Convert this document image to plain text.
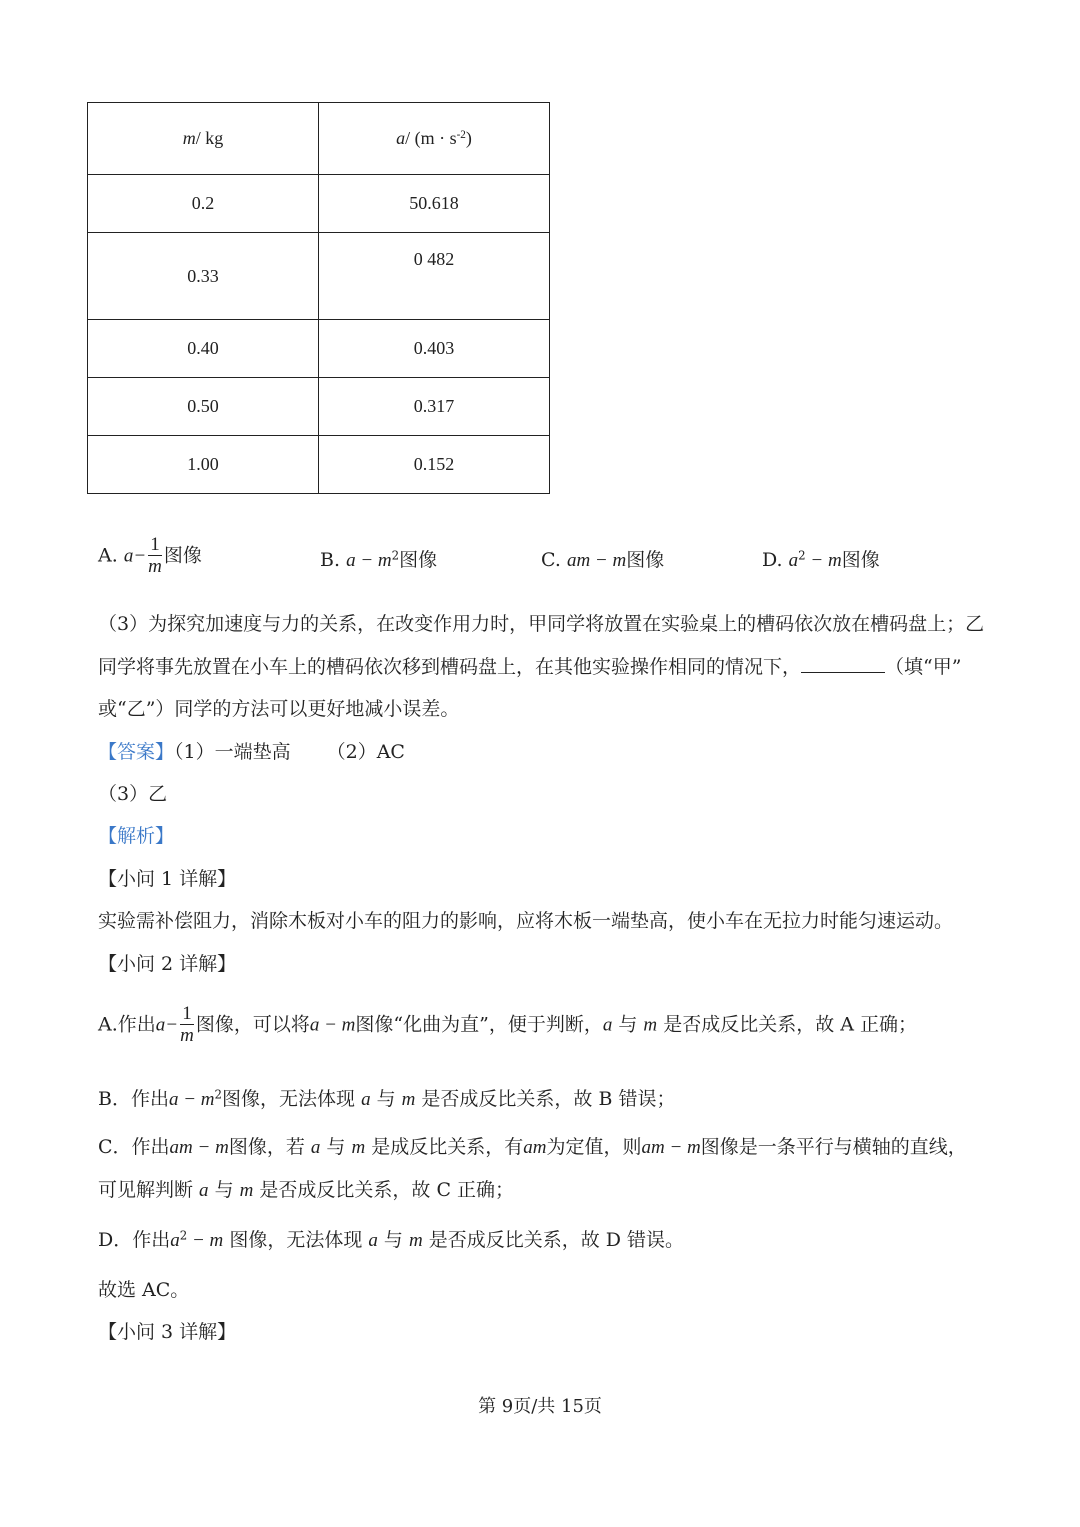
m/ kg	a/ $(m \cdot s^{-2})$
0.2	50.618
0.33	0 482
0.40	0.403
0.50	0.317
1.00	0.152
A. $a- \frac{1}{m}$ 图像	B. $a - m^2$图像	C. am − m图像	D. $a^2 - m$图像
（3）为探究加速度与力的关系，在改变作用力时，甲同学将放置在实验桌上的槽码依次放在槽码盘上；乙
同学将事先放置在小车上的槽码依次移到槽码盘上，在其他实验操作相同的情况下，	（填“甲”
或“乙”）同学的方法可以更好地减小误差。
【答案】（1）一端垫高 （2）AC
（3）乙
【解析】
【小问 1 详解】
实验需补偿阻力，消除木板对小车的阻力的影响，应将木板一端垫高，使小车在无拉力时能匀速运动。
【小问 2 详解】
A.作出$a- \frac{1}{m}$ 图像，可以将a − m图像“化曲为直”，便于判断，a 与 m 是否成反比关系，故 A 正确；
B．作出$a - m^2$图像，无法体现 a 与 m 是否成反比关系，故 B 错误；
C．作出am − m图像，若 a 与 m 是成反比关系，有am为定值，则am − m图像是一条平行与横轴的直线，
可见解判断 a 与 m 是否成反比关系，故 C 正确；
D．作出$a^2 - m$ 图像，无法体现 a 与 m 是否成反比关系，故 D 错误。
故选 AC。
【小问 3 详解】
第 9页/共 15页
